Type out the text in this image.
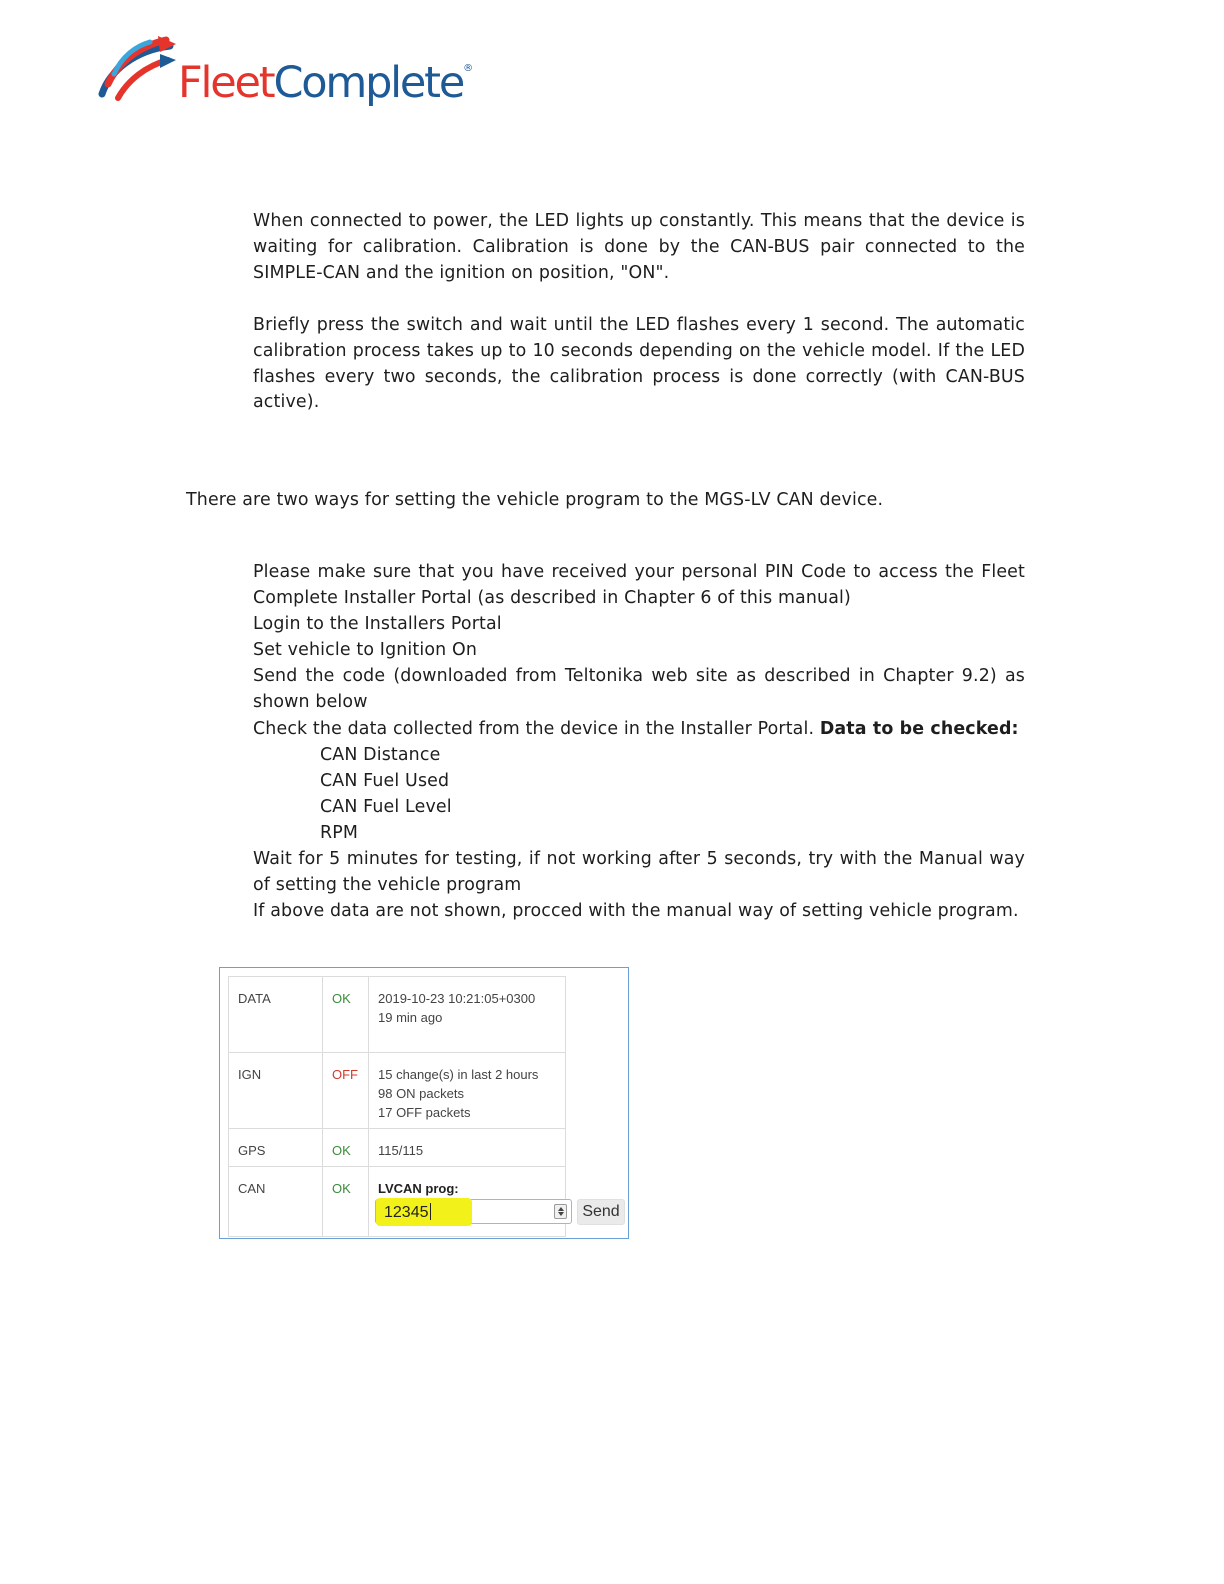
FleetComplete®

When connected to power, the LED lights up constantly. This means that the device is waiting for calibration. Calibration is done by the CAN-BUS pair connected to the SIMPLE-CAN and the ignition on position, "ON".

Briefly press the switch and wait until the LED flashes every 1 second. The automatic calibration process takes up to 10 seconds depending on the vehicle model. If the LED flashes every two seconds, the calibration process is done correctly (with CAN-BUS active).

There are two ways for setting the vehicle program to the MGS-LV CAN device.

Please make sure that you have received your personal PIN Code to access the Fleet Complete Installer Portal (as described in Chapter 6 of this manual)
Login to the Installers Portal
Set vehicle to Ignition On
Send the code (downloaded from Teltonika web site as described in Chapter 9.2) as shown below
Check the data collected from the device in the Installer Portal. Data to be checked:
CAN Distance
CAN Fuel Used
CAN Fuel Level
RPM
Wait for 5 minutes for testing, if not working after 5 seconds, try with the Manual way of setting the vehicle program
If above data are not shown, procced with the manual way of setting vehicle program.
DATA	OK	2019-10-23 10:21:05+0300
19 min ago

IGN	OFF	15 change(s) in last 2 hours
98 ON packets
17 OFF packets

GPS	OK	115/115

CAN	OK	LVCAN prog:
12345	Send
